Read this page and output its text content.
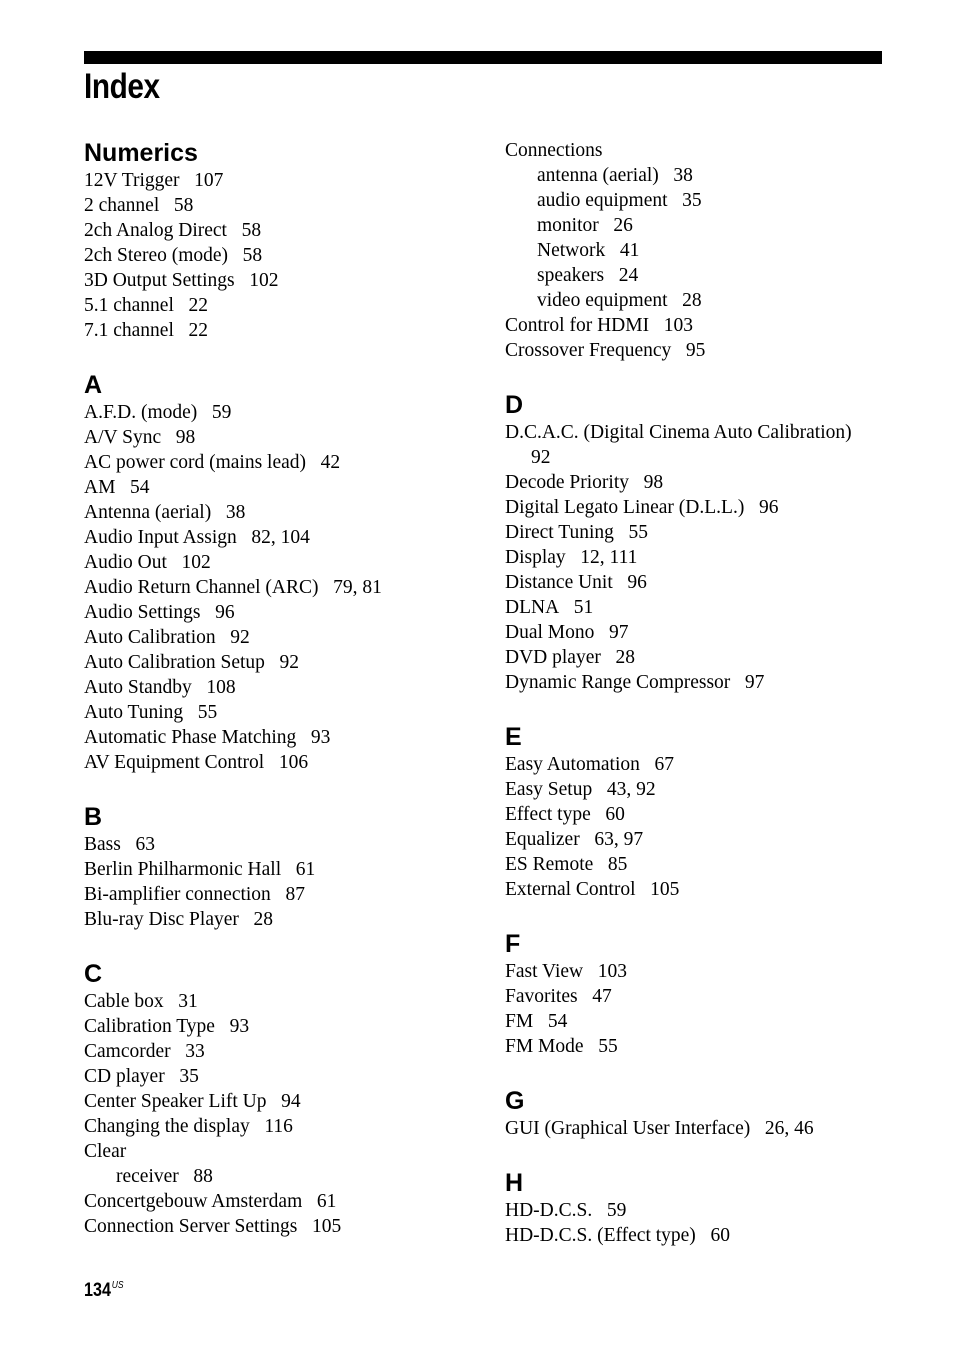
Index
Numerics
12V Trigger 107
2 channel 58
2ch Analog Direct 58
2ch Stereo (mode) 58
3D Output Settings 102
5.1 channel 22
7.1 channel 22
A
A.F.D. (mode) 59
A/V Sync 98
AC power cord (mains lead) 42
AM 54
Antenna (aerial) 38
Audio Input Assign 82, 104
Audio Out 102
Audio Return Channel (ARC) 79, 81
Audio Settings 96
Auto Calibration 92
Auto Calibration Setup 92
Auto Standby 108
Auto Tuning 55
Automatic Phase Matching 93
AV Equipment Control 106
B
Bass 63
Berlin Philharmonic Hall 61
Bi-amplifier connection 87
Blu-ray Disc Player 28
C
Cable box 31
Calibration Type 93
Camcorder 33
CD player 35
Center Speaker Lift Up 94
Changing the display 116
Clear
receiver 88
Concertgebouw Amsterdam 61
Connection Server Settings 105
Connections
antenna (aerial) 38
audio equipment 35
monitor 26
Network 41
speakers 24
video equipment 28
Control for HDMI 103
Crossover Frequency 95
D
D.C.A.C. (Digital Cinema Auto Calibration)
92
Decode Priority 98
Digital Legato Linear (D.L.L.) 96
Direct Tuning 55
Display 12, 111
Distance Unit 96
DLNA 51
Dual Mono 97
DVD player 28
Dynamic Range Compressor 97
E
Easy Automation 67
Easy Setup 43, 92
Effect type 60
Equalizer 63, 97
ES Remote 85
External Control 105
F
Fast View 103
Favorites 47
FM 54
FM Mode 55
G
GUI (Graphical User Interface) 26, 46
H
HD-D.C.S. 59
HD-D.C.S. (Effect type) 60
$134^{US}$
